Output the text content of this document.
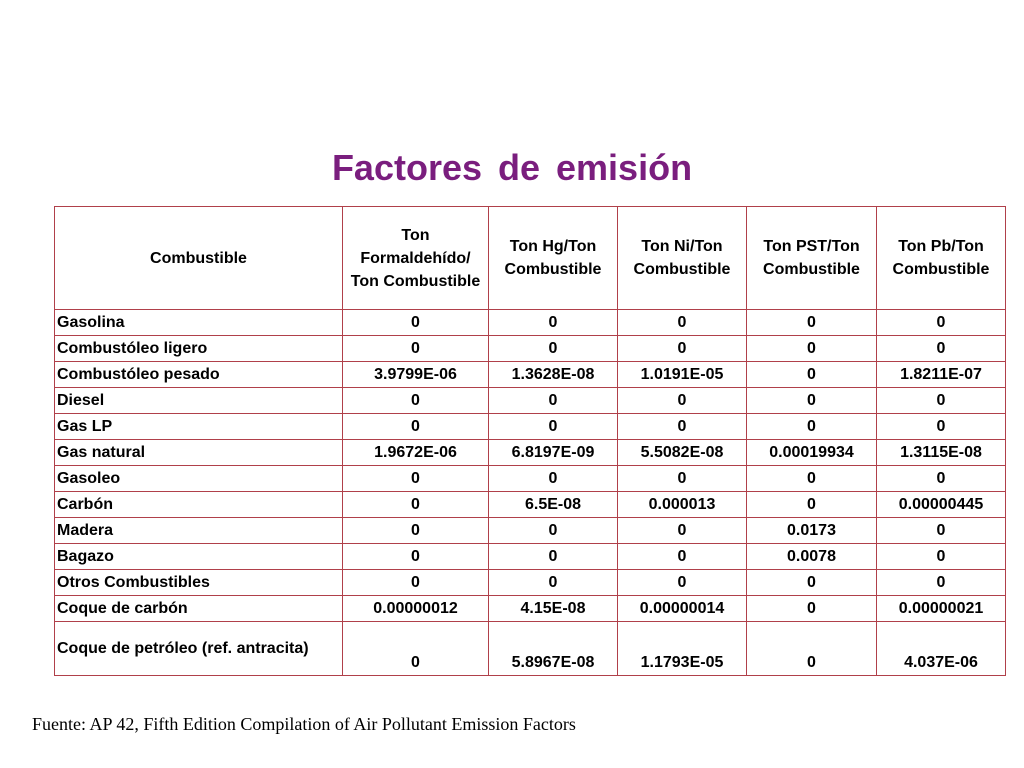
Factores de emisión
Combustible	Ton Formaldehído/ Ton Combustible	Ton Hg/Ton Combustible	Ton Ni/Ton Combustible	Ton PST/Ton Combustible	Ton Pb/Ton Combustible
Gasolina	0	0	0	0	0
Combustóleo ligero	0	0	0	0	0
Combustóleo pesado	3.9799E-06	1.3628E-08	1.0191E-05	0	1.8211E-07
Diesel	0	0	0	0	0
Gas LP	0	0	0	0	0
Gas natural	1.9672E-06	6.8197E-09	5.5082E-08	0.00019934	1.3115E-08
Gasoleo	0	0	0	0	0
Carbón	0	6.5E-08	0.000013	0	0.00000445
Madera	0	0	0	0.0173	0
Bagazo	0	0	0	0.0078	0
Otros Combustibles	0	0	0	0	0
Coque de carbón	0.00000012	4.15E-08	0.00000014	0	0.00000021
Coque de petróleo (ref. antracita)	0	5.8967E-08	1.1793E-05	0	4.037E-06
Fuente: AP 42, Fifth Edition Compilation of Air Pollutant Emission Factors
